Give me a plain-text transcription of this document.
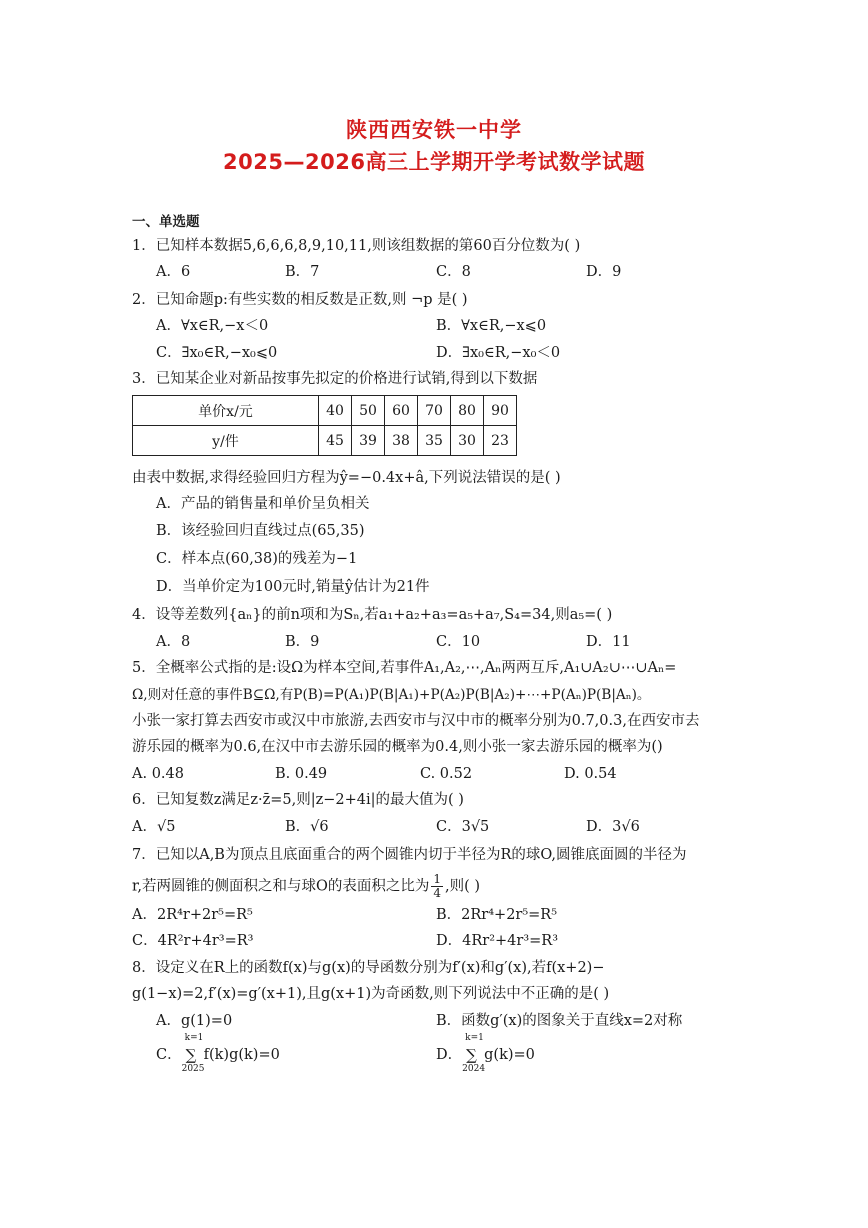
陕西西安铁一中学
2025—2026高三上学期开学考试数学试题
一、单选题
1．已知样本数据5,6,6,6,8,9,10,11,则该组数据的第60百分位数为( )
A．6	B．7	C．8	D．9
2．已知命题p:有些实数的相反数是正数,则 ¬p 是( )
A．∀x∈R,−x＜0	B．∀x∈R,−x⩽0
C．∃x₀∈R,−x₀⩽0	D．∃x₀∈R,−x₀＜0
3．已知某企业对新品按事先拟定的价格进行试销,得到以下数据
单价x/元	40	50	60	70	80	90
y/件	45	39	38	35	30	23
由表中数据,求得经验回归方程为ŷ=−0.4x+â,下列说法错误的是( )
A．产品的销售量和单价呈负相关
B．该经验回归直线过点(65,35)
C．样本点(60,38)的残差为−1
D．当单价定为100元时,销量ŷ估计为21件
4．设等差数列{aₙ}的前n项和为Sₙ,若a₁+a₂+a₃=a₅+a₇,S₄=34,则a₅=( )
A．8	B．9	C．10	D．11
5．全概率公式指的是:设Ω为样本空间,若事件A₁,A₂,⋯,Aₙ两两互斥,A₁∪A₂∪⋯∪Aₙ=
Ω,则对任意的事件B⊆Ω,有P(B)=P(A₁)P(B|A₁)+P(A₂)P(B|A₂)+⋯+P(Aₙ)P(B|Aₙ)。
小张一家打算去西安市或汉中市旅游,去西安市与汉中市的概率分别为0.7,0.3,在西安市去
游乐园的概率为0.6,在汉中市去游乐园的概率为0.4,则小张一家去游乐园的概率为()
A. 0.48	B. 0.49	C. 0.52	D. 0.54
6．已知复数z满足z·z̄=5,则|z−2+4i|的最大值为( )
A．√5	B．√6	C．3√5	D．3√6
7．已知以A,B为顶点且底面重合的两个圆锥内切于半径为R的球O,圆锥底面圆的半径为
r,若两圆锥的侧面积之和与球O的表面积之比为 $\frac{1}{4}$ ,则( )
A．2R⁴r+2r⁵=R⁵	B．2Rr⁴+2r⁵=R⁵
C．4R²r+4r³=R³	D．4Rr²+4r³=R³
8．设定义在R上的函数f(x)与g(x)的导函数分别为f′(x)和g′(x),若f(x+2)−
g(1−x)=2,f′(x)=g′(x+1),且g(x+1)为奇函数,则下列说法中不正确的是( )
A．g(1)=0	B．函数g′(x)的图象关于直线x=2对称
C．
k=1
∑
2025
f(k)g(k)=0	D．
k=1
∑
2024
g(k)=0
